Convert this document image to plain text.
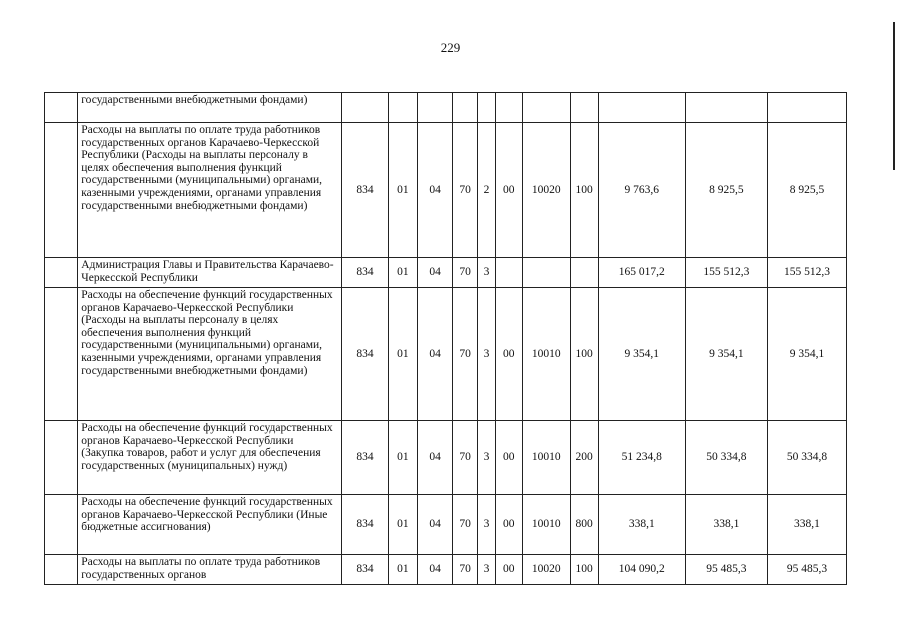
229
	государственными внебюджетными фондами)											
	Расходы на выплаты по оплате труда работников государственных органов Карачаево-Черкесской Республики (Расходы на выплаты персоналу в целях обеспечения выполнения функций государственными (муниципальными) органами, казенными учреждениями, органами управления государственными внебюджетными фондами)	834	01	04	70	2	00	10020	100	9 763,6	8 925,5	8 925,5
	Администрация Главы и Правительства Карачаево-Черкесской Республики	834	01	04	70	3				165 017,2	155 512,3	155 512,3
	Расходы на обеспечение функций государственных органов Карачаево-Черкесской Республики (Расходы на выплаты персоналу в целях обеспечения выполнения функций государственными (муниципальными) органами, казенными учреждениями, органами управления государственными внебюджетными фондами)	834	01	04	70	3	00	10010	100	9 354,1	9 354,1	9 354,1
	Расходы на обеспечение функций государственных органов Карачаево-Черкесской Республики (Закупка товаров, работ и услуг для обеспечения государственных (муниципальных) нужд)	834	01	04	70	3	00	10010	200	51 234,8	50 334,8	50 334,8
	Расходы на обеспечение функций государственных органов Карачаево-Черкесской Республики (Иные бюджетные ассигнования)	834	01	04	70	3	00	10010	800	338,1	338,1	338,1
	Расходы на выплаты по оплате труда работников государственных органов	834	01	04	70	3	00	10020	100	104 090,2	95 485,3	95 485,3
